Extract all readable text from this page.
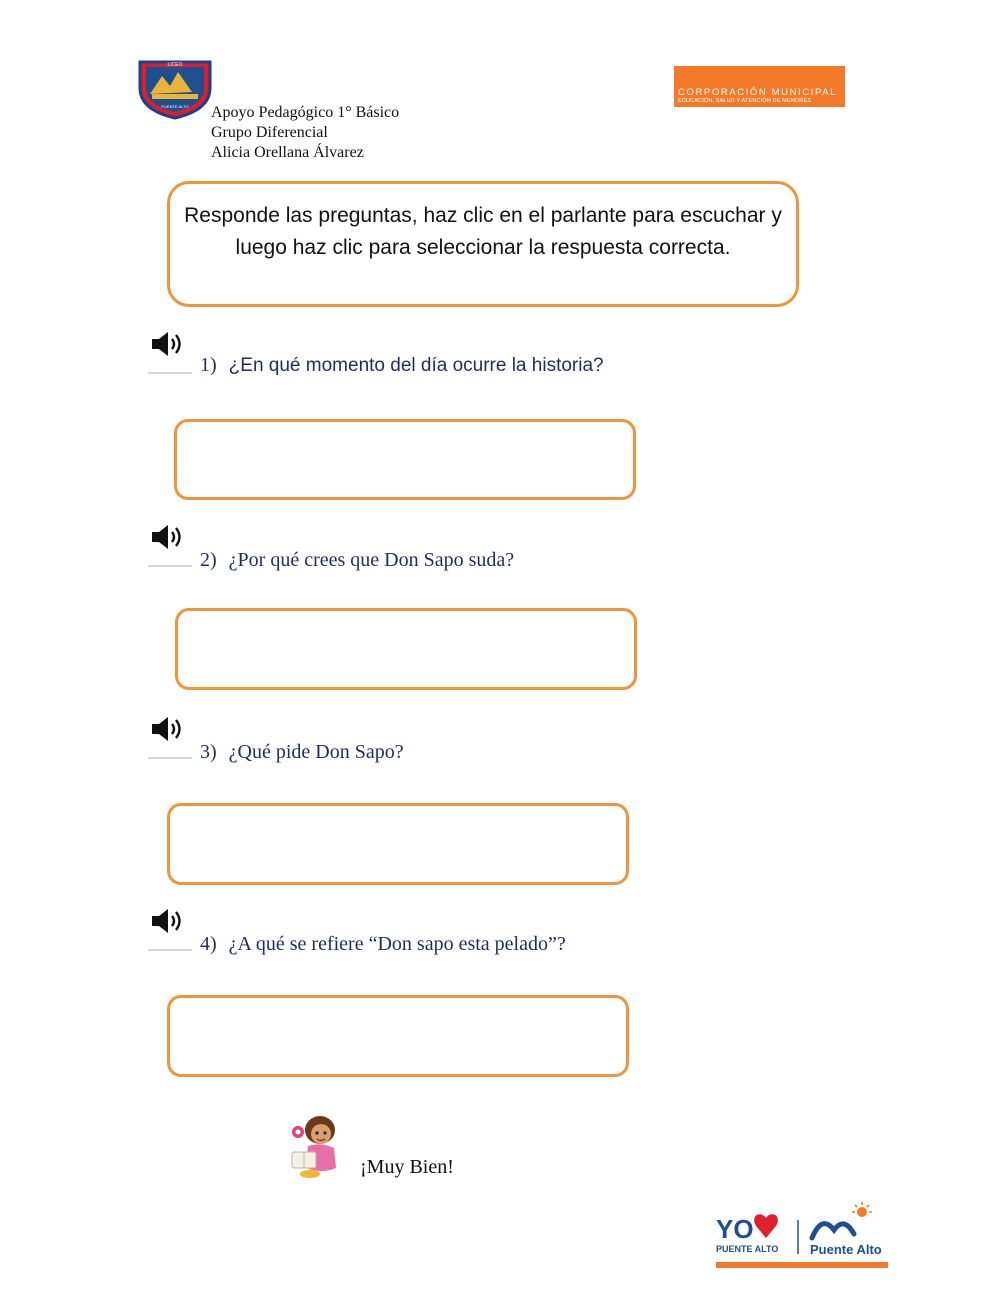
LICEO
PUENTE ALTO Apoyo Pedagógico 1° Básico
Grupo Diferencial
Alicia Orellana Álvarez
CORPORACIÓN MUNICIPAL
EDUCACIÓN, SALUD Y ATENCIÓN DE MENORES
Responde las preguntas, haz clic en el parlante para escuchar y luego haz clic para seleccionar la respuesta correcta.
1) ¿En qué momento del día ocurre la historia?
2) ¿Por qué crees que Don Sapo suda?
3) ¿Qué pide Don Sapo?
4) ¿A qué se refiere “Don sapo esta pelado”?
¡Muy Bien!
YO
PUENTE ALTO Puente Alto
